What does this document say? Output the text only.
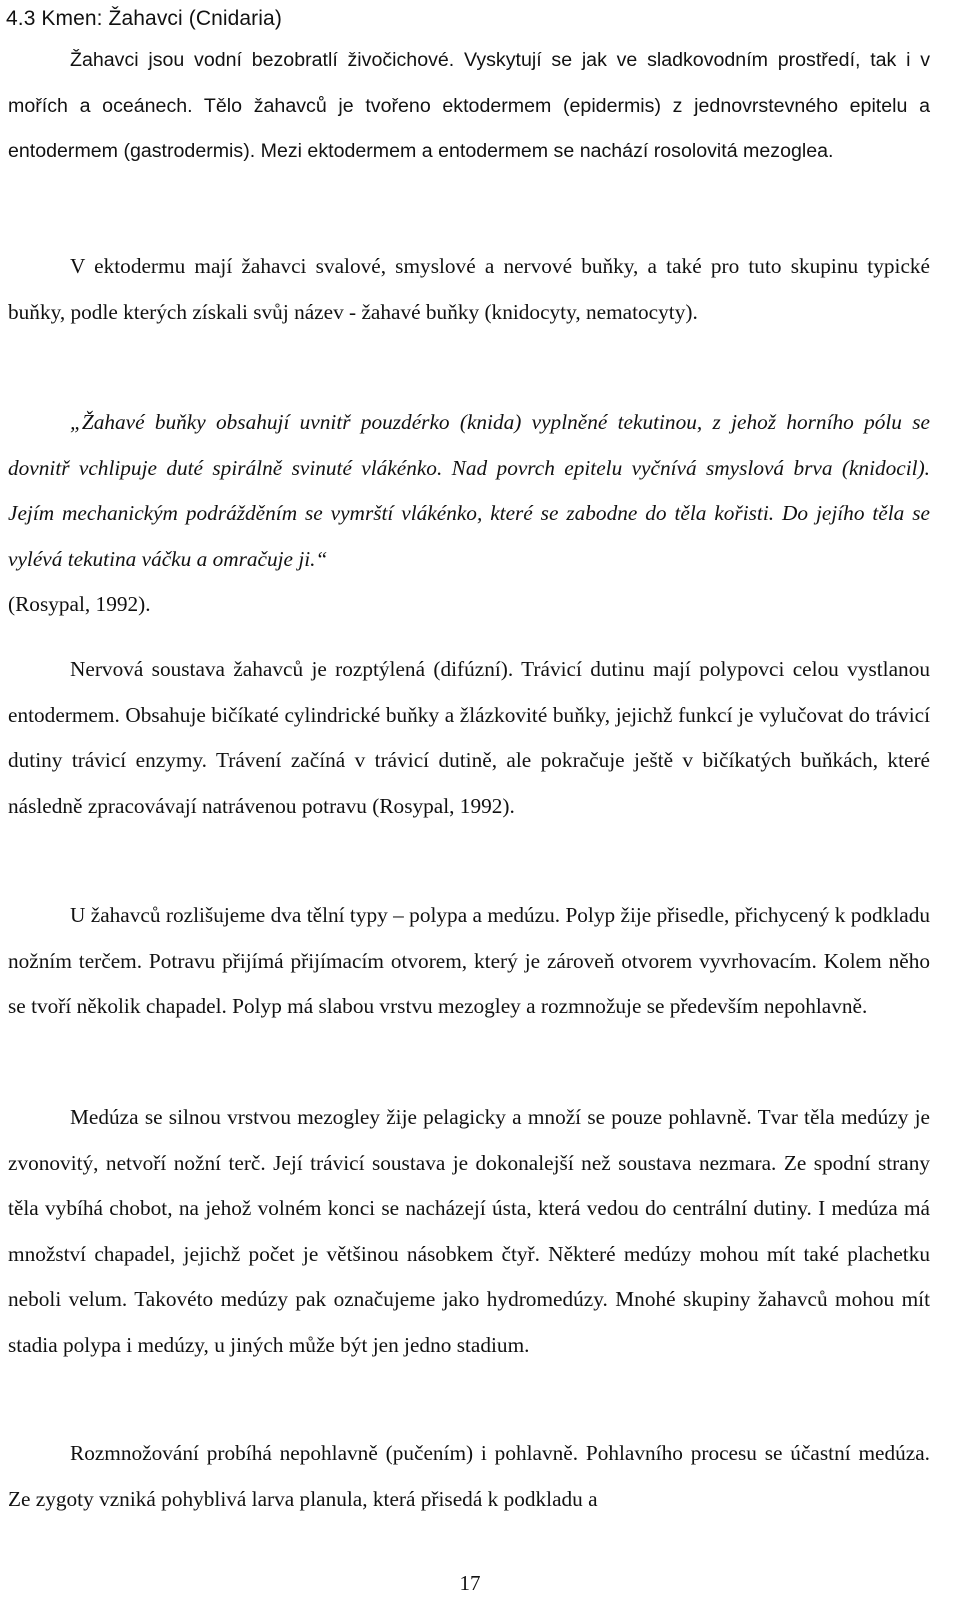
4.3 Kmen: Žahavci (Cnidaria)

Žahavci jsou vodní bezobratlí živočichové. Vyskytují se jak ve sladkovodním prostředí, tak i v mořích a oceánech. Tělo žahavců je tvořeno ektodermem (epidermis) z jednovrstevného epitelu a entodermem (gastrodermis). Mezi ektodermem a entodermem se nachází rosolovitá mezoglea.

V ektodermu mají žahavci svalové, smyslové a nervové buňky, a také pro tuto skupinu typické buňky, podle kterých získali svůj název - žahavé buňky (knidocyty, nematocyty).

„Žahavé buňky obsahují uvnitř pouzdérko (knida) vyplněné tekutinou, z jehož horního pólu se dovnitř vchlipuje duté spirálně svinuté vlákénko. Nad povrch epitelu vyčnívá smyslová brva (knidocil). Jejím mechanickým podrážděním se vymrští vlákénko, které se zabodne do těla kořisti. Do jejího těla se vylévá tekutina váčku a omračuje ji.“
(Rosypal, 1992).

Nervová soustava žahavců je rozptýlená (difúzní). Trávicí dutinu mají polypovci celou vystlanou entodermem. Obsahuje bičíkaté cylindrické buňky a žlázkovité buňky, jejichž funkcí je vylučovat do trávicí dutiny trávicí enzymy. Trávení začíná v trávicí dutině, ale pokračuje ještě v bičíkatých buňkách, které následně zpracovávají natrávenou potravu (Rosypal, 1992).

U žahavců rozlišujeme dva tělní typy – polypa a medúzu. Polyp žije přisedle, přichycený k podkladu nožním terčem. Potravu přijímá přijímacím otvorem, který je zároveň otvorem vyvrhovacím. Kolem něho se tvoří několik chapadel. Polyp má slabou vrstvu mezogley a rozmnožuje se především nepohlavně.

Medúza se silnou vrstvou mezogley žije pelagicky a množí se pouze pohlavně. Tvar těla medúzy je zvonovitý, netvoří nožní terč. Její trávicí soustava je dokonalejší než soustava nezmara. Ze spodní strany těla vybíhá chobot, na jehož volném konci se nacházejí ústa, která vedou do centrální dutiny. I medúza má množství chapadel, jejichž počet je většinou násobkem čtyř. Některé medúzy mohou mít také plachetku neboli velum. Takovéto medúzy pak označujeme jako hydromedúzy. Mnohé skupiny žahavců mohou mít stadia polypa i medúzy, u jiných může být jen jedno stadium.

Rozmnožování probíhá nepohlavně (pučením) i pohlavně. Pohlavního procesu se účastní medúza. Ze zygoty vzniká pohyblivá larva planula, která přisedá k podkladu a

17
